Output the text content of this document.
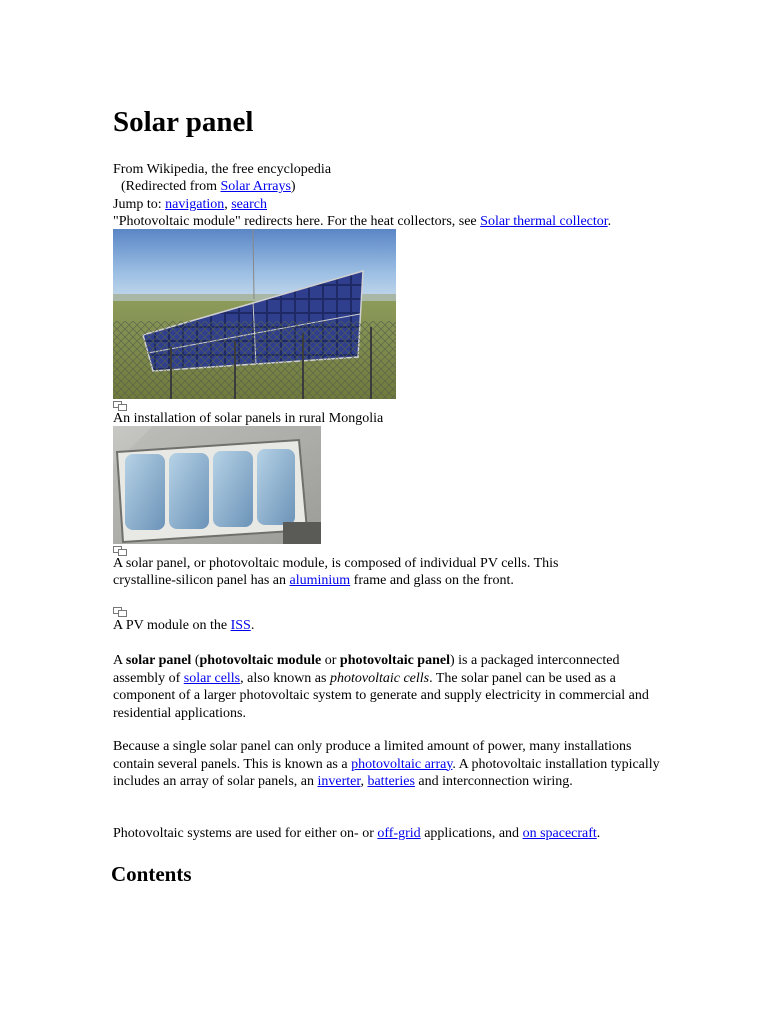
Solar panel
From Wikipedia, the free encyclopedia
(Redirected from Solar Arrays)
Jump to: navigation, search
"Photovoltaic module" redirects here. For the heat collectors, see Solar thermal collector.
An installation of solar panels in rural Mongolia
A solar panel, or photovoltaic module, is composed of individual PV cells. This
crystalline-silicon panel has an aluminium frame and glass on the front.
A PV module on the ISS.
A solar panel (photovoltaic module or photovoltaic panel) is a packaged interconnected assembly of solar cells, also known as photovoltaic cells. The solar panel can be used as a component of a larger photovoltaic system to generate and supply electricity in commercial and residential applications.
Because a single solar panel can only produce a limited amount of power, many installations contain several panels. This is known as a photovoltaic array. A photovoltaic installation typically includes an array of solar panels, an inverter, batteries and interconnection wiring.
Photovoltaic systems are used for either on- or off-grid applications, and on spacecraft.
Contents
